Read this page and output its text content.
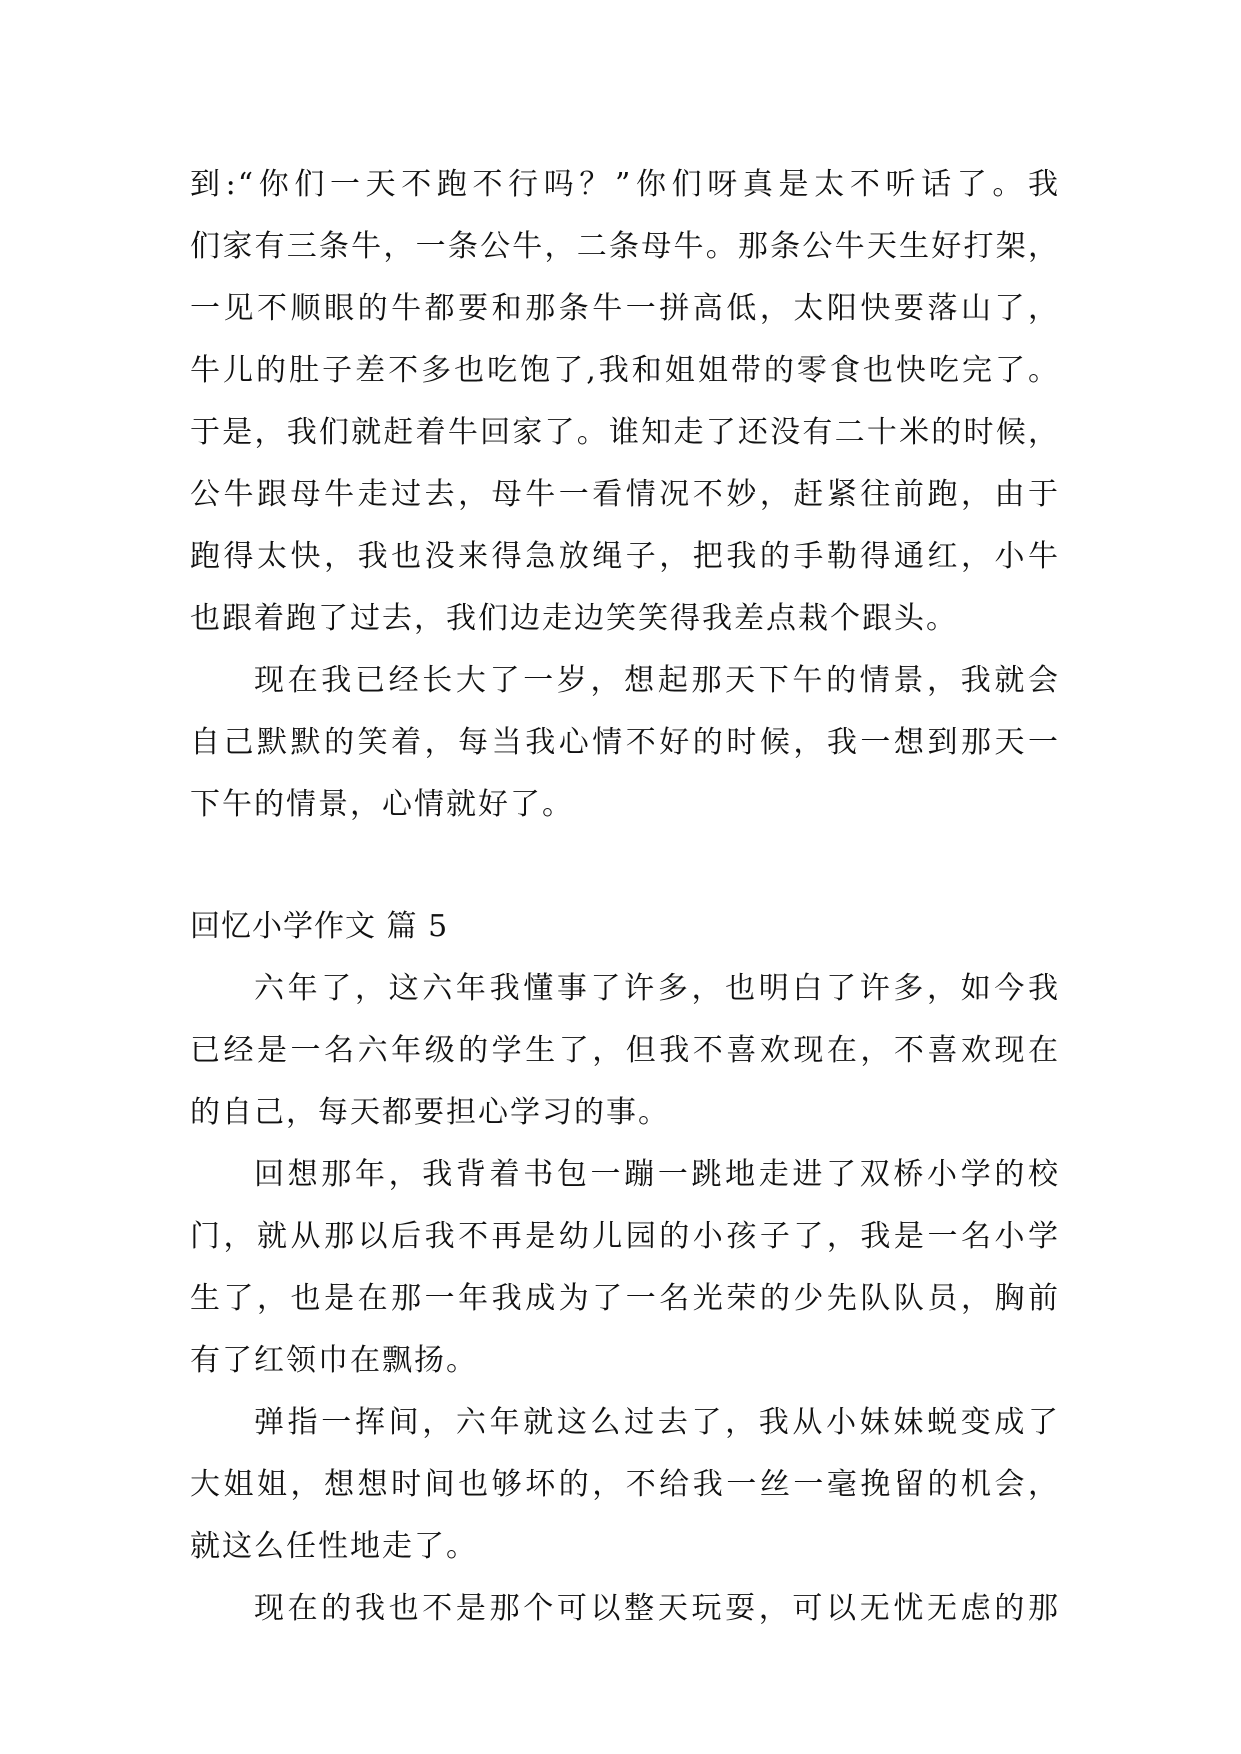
到:“你们一天不跑不行吗？”你们呀真是太不听话了。我
们家有三条牛，一条公牛，二条母牛。那条公牛天生好打架，
一见不顺眼的牛都要和那条牛一拼高低，太阳快要落山了，
牛儿的肚子差不多也吃饱了,我和姐姐带的零食也快吃完了。
于是，我们就赶着牛回家了。谁知走了还没有二十米的时候，
公牛跟母牛走过去，母牛一看情况不妙，赶紧往前跑，由于
跑得太快，我也没来得急放绳子，把我的手勒得通红，小牛
也跟着跑了过去，我们边走边笑笑得我差点栽个跟头。
现在我已经长大了一岁，想起那天下午的情景，我就会
自己默默的笑着，每当我心情不好的时候，我一想到那天一
下午的情景，心情就好了。
回忆小学作文 篇 5
六年了，这六年我懂事了许多，也明白了许多，如今我
已经是一名六年级的学生了，但我不喜欢现在，不喜欢现在
的自己，每天都要担心学习的事。
回想那年，我背着书包一蹦一跳地走进了双桥小学的校
门，就从那以后我不再是幼儿园的小孩子了，我是一名小学
生了，也是在那一年我成为了一名光荣的少先队队员，胸前
有了红领巾在飘扬。
弹指一挥间，六年就这么过去了，我从小妹妹蜕变成了
大姐姐，想想时间也够坏的，不给我一丝一毫挽留的机会，
就这么任性地走了。
现在的我也不是那个可以整天玩耍，可以无忧无虑的那
